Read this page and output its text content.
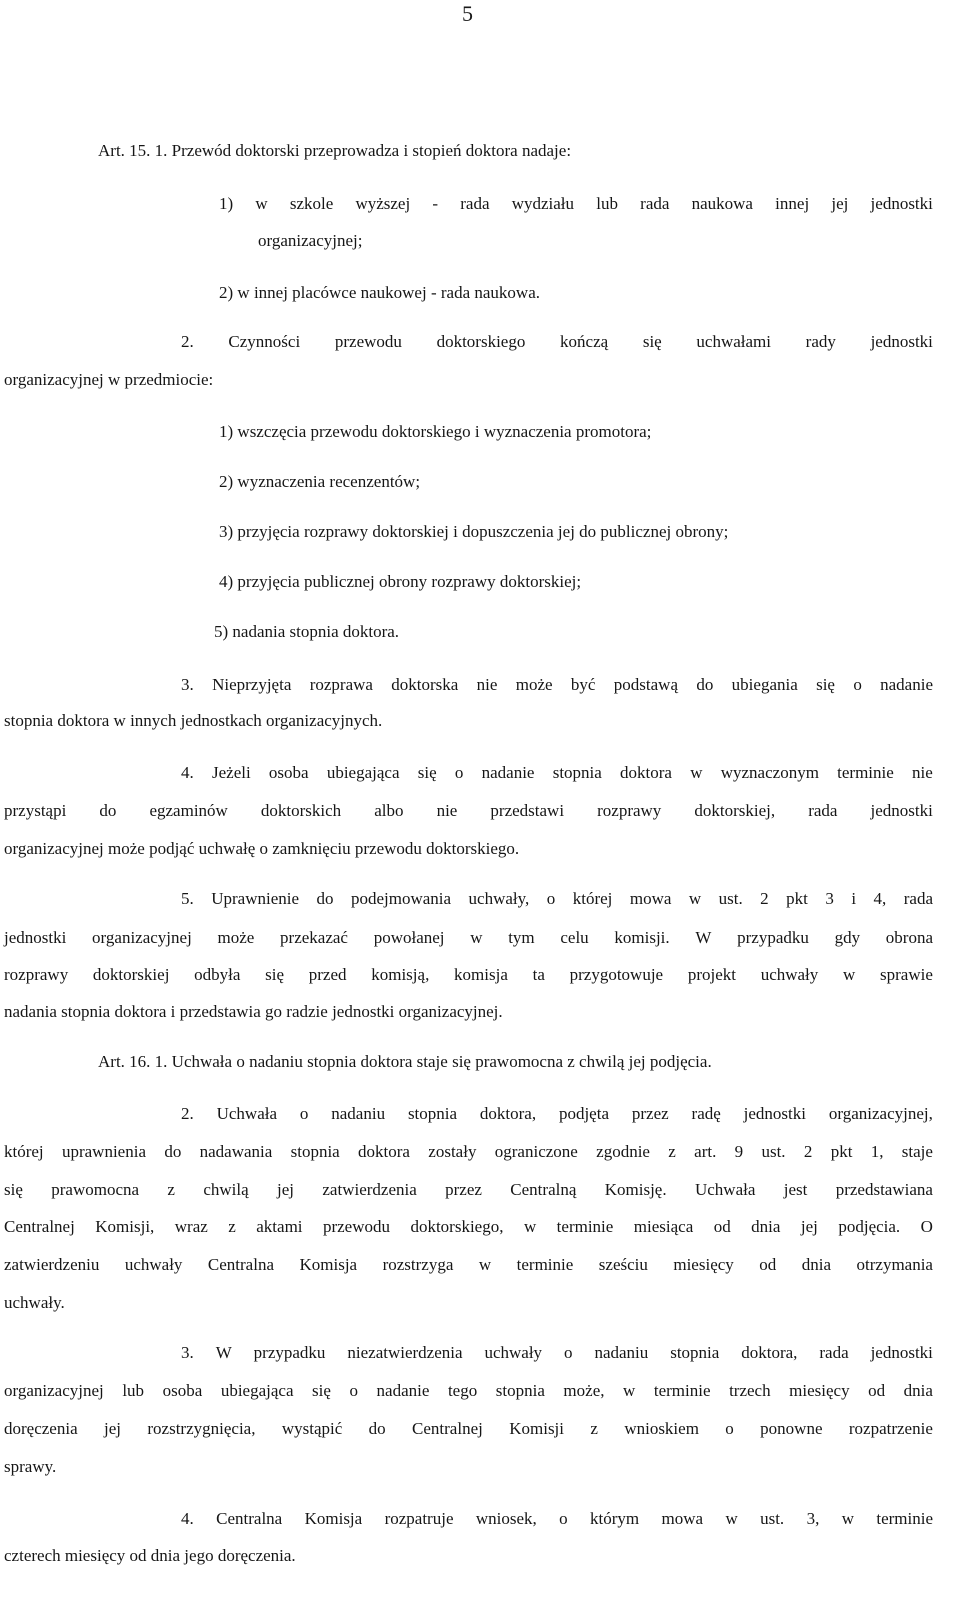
5
Art. 15. 1. Przewód doktorski przeprowadza i stopień doktora nadaje:
1) w szkole wyższej - rada wydziału lub rada naukowa innej jej jednostki
organizacyjnej;
2) w innej placówce naukowej - rada naukowa.
2. Czynności przewodu doktorskiego kończą się uchwałami rady jednostki
organizacyjnej w przedmiocie:
1) wszczęcia przewodu doktorskiego i wyznaczenia promotora;
2) wyznaczenia recenzentów;
3) przyjęcia rozprawy doktorskiej i dopuszczenia jej do publicznej obrony;
4) przyjęcia publicznej obrony rozprawy doktorskiej;
5) nadania stopnia doktora.
3. Nieprzyjęta rozprawa doktorska nie może być podstawą do ubiegania się o nadanie
stopnia doktora w innych jednostkach organizacyjnych.
4. Jeżeli osoba ubiegająca się o nadanie stopnia doktora w wyznaczonym terminie nie
przystąpi do egzaminów doktorskich albo nie przedstawi rozprawy doktorskiej, rada jednostki
organizacyjnej może podjąć uchwałę o zamknięciu przewodu doktorskiego.
5. Uprawnienie do podejmowania uchwały, o której mowa w ust. 2 pkt 3 i 4, rada
jednostki organizacyjnej może przekazać powołanej w tym celu komisji. W przypadku gdy obrona
rozprawy doktorskiej odbyła się przed komisją, komisja ta przygotowuje projekt uchwały w sprawie
nadania stopnia doktora i przedstawia go radzie jednostki organizacyjnej.
Art. 16. 1. Uchwała o nadaniu stopnia doktora staje się prawomocna z chwilą jej podjęcia.
2. Uchwała o nadaniu stopnia doktora, podjęta przez radę jednostki organizacyjnej,
której uprawnienia do nadawania stopnia doktora zostały ograniczone zgodnie z art. 9 ust. 2 pkt 1, staje
się prawomocna z chwilą jej zatwierdzenia przez Centralną Komisję. Uchwała jest przedstawiana
Centralnej Komisji, wraz z aktami przewodu doktorskiego, w terminie miesiąca od dnia jej podjęcia. O
zatwierdzeniu uchwały Centralna Komisja rozstrzyga w terminie sześciu miesięcy od dnia otrzymania
uchwały.
3. W przypadku niezatwierdzenia uchwały o nadaniu stopnia doktora, rada jednostki
organizacyjnej lub osoba ubiegająca się o nadanie tego stopnia może, w terminie trzech miesięcy od dnia
doręczenia jej rozstrzygnięcia, wystąpić do Centralnej Komisji z wnioskiem o ponowne rozpatrzenie
sprawy.
4. Centralna Komisja rozpatruje wniosek, o którym mowa w ust. 3, w terminie
czterech miesięcy od dnia jego doręczenia.
